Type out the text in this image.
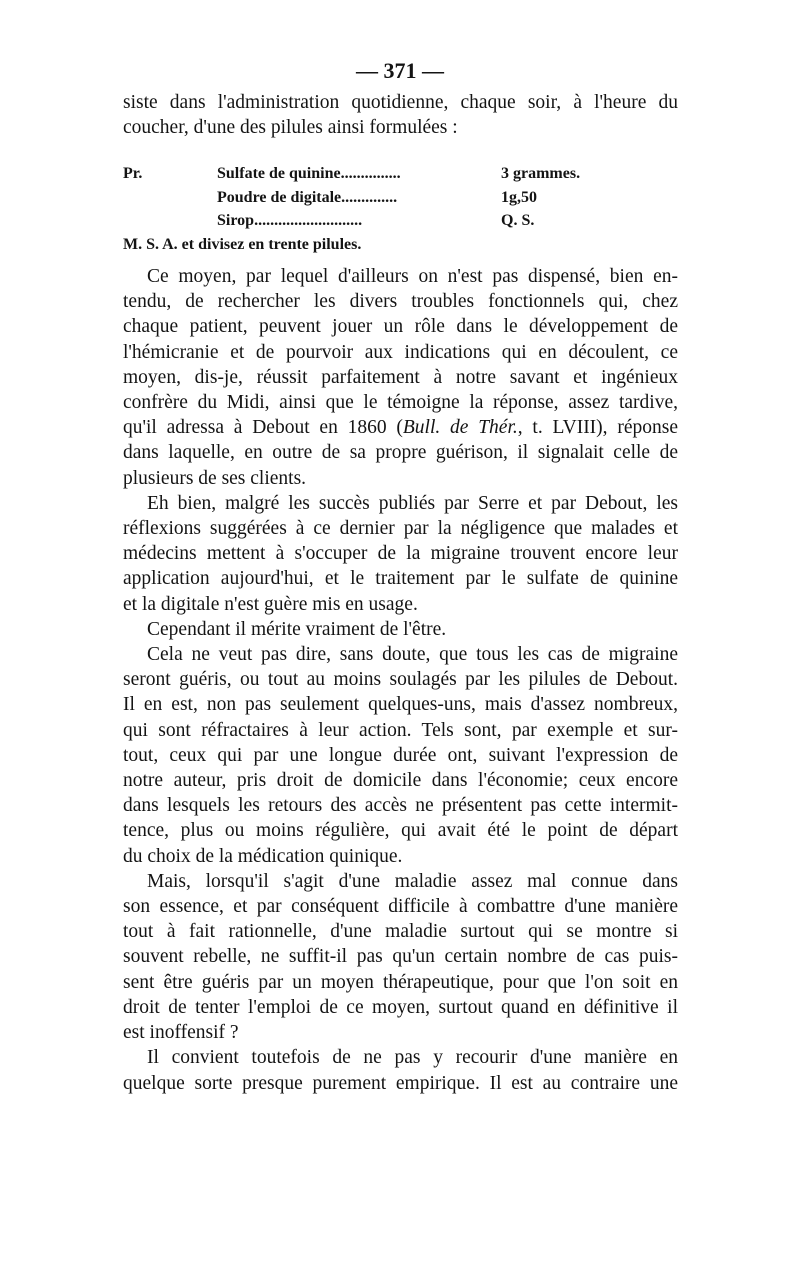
— 371 —
siste dans l'administration quotidienne, chaque soir, à l'heure du
coucher, d'une des pilules ainsi formulées :
Pr.	Sulfate de quinine...............	3 grammes.
Poudre de digitale..............	1g,50
Sirop...........................	Q. S.
M. S. A. et divisez en trente pilules.
Ce moyen, par lequel d'ailleurs on n'est pas dispensé, bien en-
tendu, de rechercher les divers troubles fonctionnels qui, chez
chaque patient, peuvent jouer un rôle dans le développement de
l'hémicranie et de pourvoir aux indications qui en découlent, ce
moyen, dis-je, réussit parfaitement à notre savant et ingénieux
confrère du Midi, ainsi que le témoigne la réponse, assez tardive,
qu'il adressa à Debout en 1860 (Bull. de Thér., t. LVIII), réponse
dans laquelle, en outre de sa propre guérison, il signalait celle de
plusieurs de ses clients.
Eh bien, malgré les succès publiés par Serre et par Debout, les
réflexions suggérées à ce dernier par la négligence que malades et
médecins mettent à s'occuper de la migraine trouvent encore leur
application aujourd'hui, et le traitement par le sulfate de quinine
et la digitale n'est guère mis en usage.
Cependant il mérite vraiment de l'être.
Cela ne veut pas dire, sans doute, que tous les cas de migraine
seront guéris, ou tout au moins soulagés par les pilules de Debout.
Il en est, non pas seulement quelques-uns, mais d'assez nombreux,
qui sont réfractaires à leur action. Tels sont, par exemple et sur-
tout, ceux qui par une longue durée ont, suivant l'expression de
notre auteur, pris droit de domicile dans l'économie; ceux encore
dans lesquels les retours des accès ne présentent pas cette intermit-
tence, plus ou moins régulière, qui avait été le point de départ
du choix de la médication quinique.
Mais, lorsqu'il s'agit d'une maladie assez mal connue dans
son essence, et par conséquent difficile à combattre d'une manière
tout à fait rationnelle, d'une maladie surtout qui se montre si
souvent rebelle, ne suffit-il pas qu'un certain nombre de cas puis-
sent être guéris par un moyen thérapeutique, pour que l'on soit en
droit de tenter l'emploi de ce moyen, surtout quand en définitive il
est inoffensif ?
Il convient toutefois de ne pas y recourir d'une manière en
quelque sorte presque purement empirique. Il est au contraire une
